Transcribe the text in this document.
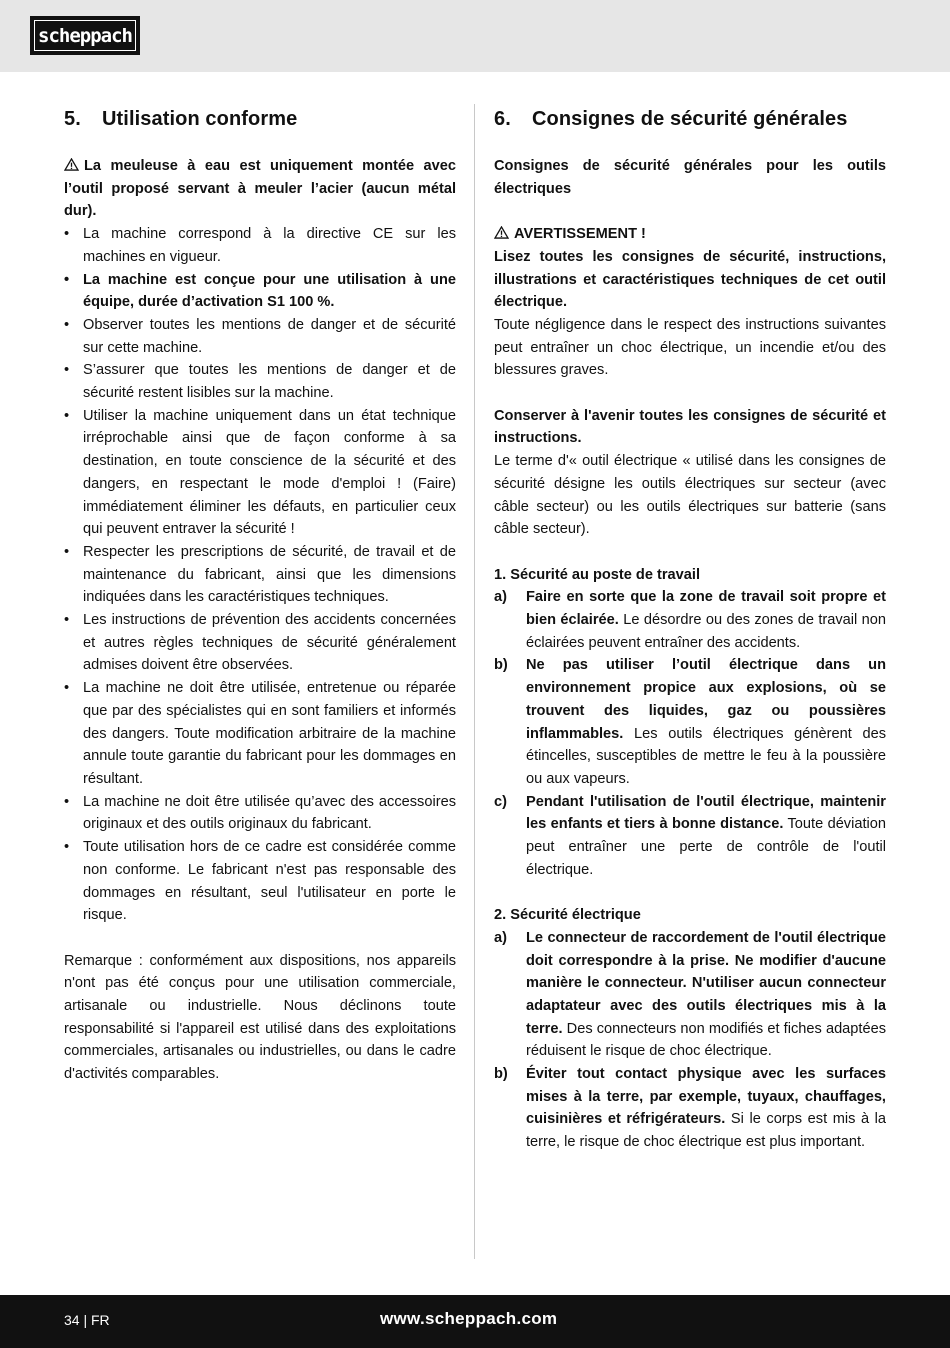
scheppach
5. Utilisation conforme

La meuleuse à eau est uniquement montée avec l’outil proposé servant à meuler l’acier (aucun métal dur).

• La machine correspond à la directive CE sur les machines en vigueur.
• La machine est conçue pour une utilisation à une équipe, durée d’activation S1 100 %.
• Observer toutes les mentions de danger et de sécurité sur cette machine.
• S’assurer que toutes les mentions de danger et de sécurité restent lisibles sur la machine.
• Utiliser la machine uniquement dans un état technique irréprochable ainsi que de façon conforme à sa destination, en toute conscience de la sécurité et des dangers, en respectant le mode d'emploi ! (Faire) immédiatement éliminer les défauts, en particulier ceux qui peuvent entraver la sécurité !
• Respecter les prescriptions de sécurité, de travail et de maintenance du fabricant, ainsi que les dimensions indiquées dans les caractéristiques techniques.
• Les instructions de prévention des accidents concernées et autres règles techniques de sécurité généralement admises doivent être observées.
• La machine ne doit être utilisée, entretenue ou réparée que par des spécialistes qui en sont familiers et informés des dangers. Toute modification arbitraire de la machine annule toute garantie du fabricant pour les dommages en résultant.
• La machine ne doit être utilisée qu’avec des accessoires originaux et des outils originaux du fabricant.
• Toute utilisation hors de ce cadre est considérée comme non conforme. Le fabricant n'est pas responsable des dommages en résultant, seul l'utilisateur en porte le risque.

Remarque : conformément aux dispositions, nos appareils n'ont pas été conçus pour une utilisation commerciale, artisanale ou industrielle. Nous déclinons toute responsabilité si l'appareil est utilisé dans des exploitations commerciales, artisanales ou industrielles, ou dans le cadre d'activités comparables.

6. Consignes de sécurité générales

Consignes de sécurité générales pour les outils électriques

AVERTISSEMENT !

Lisez toutes les consignes de sécurité, instructions, illustrations et caractéristiques techniques de cet outil électrique.

Toute négligence dans le respect des instructions suivantes peut entraîner un choc électrique, un incendie et/ou des blessures graves.

Conserver à l'avenir toutes les consignes de sécurité et instructions.

Le terme d'« outil électrique « utilisé dans les consignes de sécurité désigne les outils électriques sur secteur (avec câble secteur) ou les outils électriques sur batterie (sans câble secteur).

1. Sécurité au poste de travail

a) Faire en sorte que la zone de travail soit propre et bien éclairée. Le désordre ou des zones de travail non éclairées peuvent entraîner des accidents.
b) Ne pas utiliser l’outil électrique dans un environnement propice aux explosions, où se trouvent des liquides, gaz ou poussières inflammables. Les outils électriques génèrent des étincelles, susceptibles de mettre le feu à la poussière ou aux vapeurs.
c) Pendant l'utilisation de l'outil électrique, maintenir les enfants et tiers à bonne distance. Toute déviation peut entraîner une perte de contrôle de l'outil électrique.

2. Sécurité électrique

a) Le connecteur de raccordement de l'outil électrique doit correspondre à la prise. Ne modifier d'aucune manière le connecteur. N'utiliser aucun connecteur adaptateur avec des outils électriques mis à la terre. Des connecteurs non modifiés et fiches adaptées réduisent le risque de choc électrique.
b) Éviter tout contact physique avec les surfaces mises à la terre, par exemple, tuyaux, chauffages, cuisinières et réfrigérateurs. Si le corps est mis à la terre, le risque de choc électrique est plus important.
34 | FR	www.scheppach.com
